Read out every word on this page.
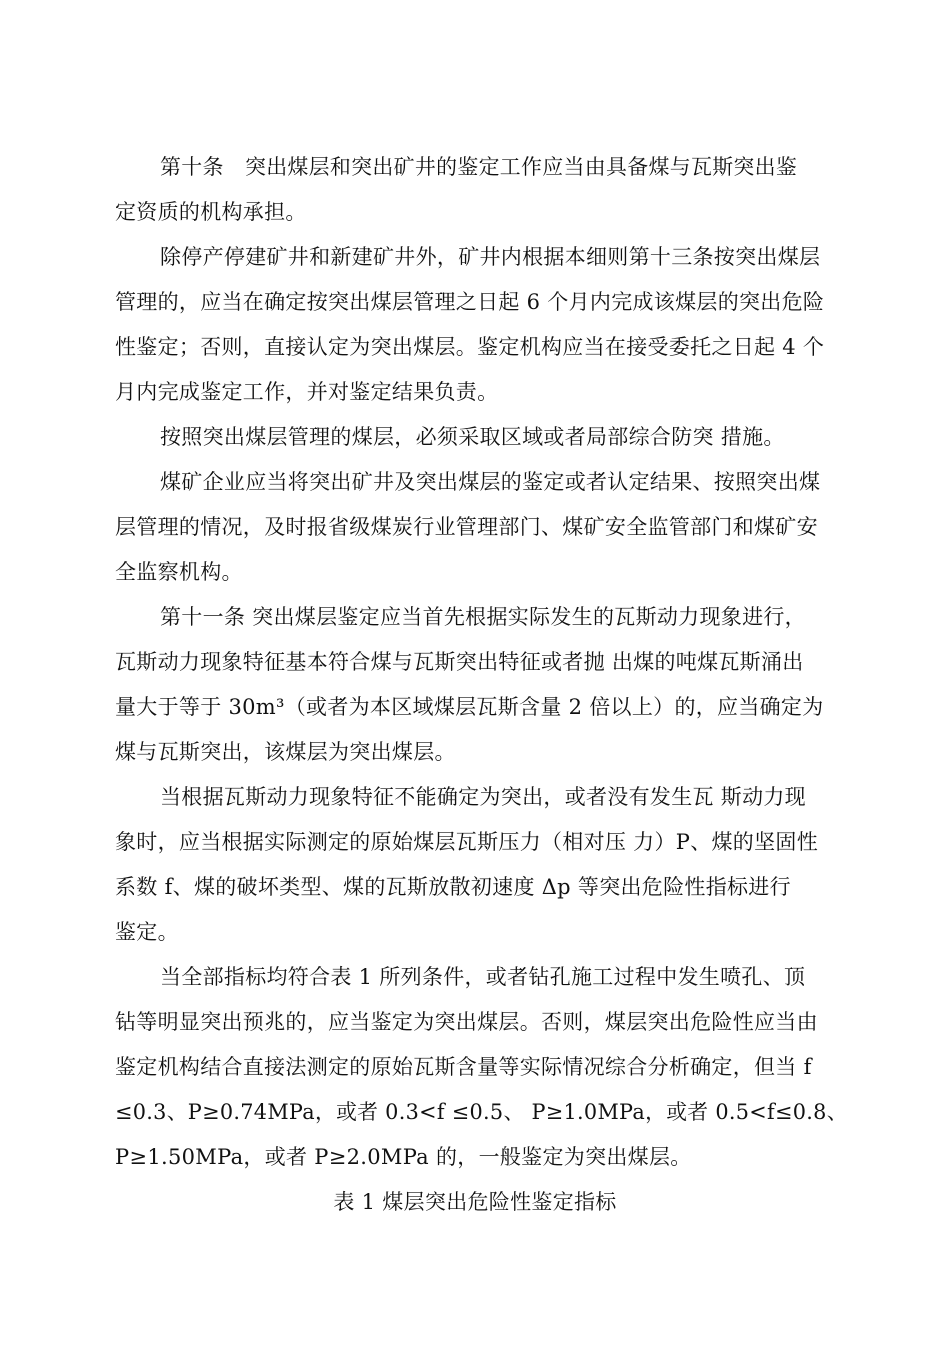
第十条　突出煤层和突出矿井的鉴定工作应当由具备煤与瓦斯突出鉴
定资质的机构承担。
除停产停建矿井和新建矿井外，矿井内根据本细则第十三条按突出煤层
管理的，应当在确定按突出煤层管理之日起 6 个月内完成该煤层的突出危险
性鉴定；否则，直接认定为突出煤层。鉴定机构应当在接受委托之日起 4 个
月内完成鉴定工作，并对鉴定结果负责。
按照突出煤层管理的煤层，必须采取区域或者局部综合防突 措施。
煤矿企业应当将突出矿井及突出煤层的鉴定或者认定结果、按照突出煤
层管理的情况，及时报省级煤炭行业管理部门、煤矿安全监管部门和煤矿安
全监察机构。
第十一条 突出煤层鉴定应当首先根据实际发生的瓦斯动力现象进行，
瓦斯动力现象特征基本符合煤与瓦斯突出特征或者抛 出煤的吨煤瓦斯涌出
量大于等于 30m³（或者为本区域煤层瓦斯含量 2 倍以上）的，应当确定为
煤与瓦斯突出，该煤层为突出煤层。
当根据瓦斯动力现象特征不能确定为突出，或者没有发生瓦 斯动力现
象时，应当根据实际测定的原始煤层瓦斯压力（相对压 力）P、煤的坚固性
系数 f、煤的破坏类型、煤的瓦斯放散初速度 Δp 等突出危险性指标进行
鉴定。
当全部指标均符合表 1 所列条件，或者钻孔施工过程中发生喷孔、顶
钻等明显突出预兆的，应当鉴定为突出煤层。否则，煤层突出危险性应当由
鉴定机构结合直接法测定的原始瓦斯含量等实际情况综合分析确定，但当 f
≤0.3、P≥0.74MPa，或者 0.3<f ≤0.5、 P≥1.0MPa，或者 0.5<f≤0.8、
P≥1.50MPa，或者 P≥2.0MPa 的，一般鉴定为突出煤层。
表 1 煤层突出危险性鉴定指标
